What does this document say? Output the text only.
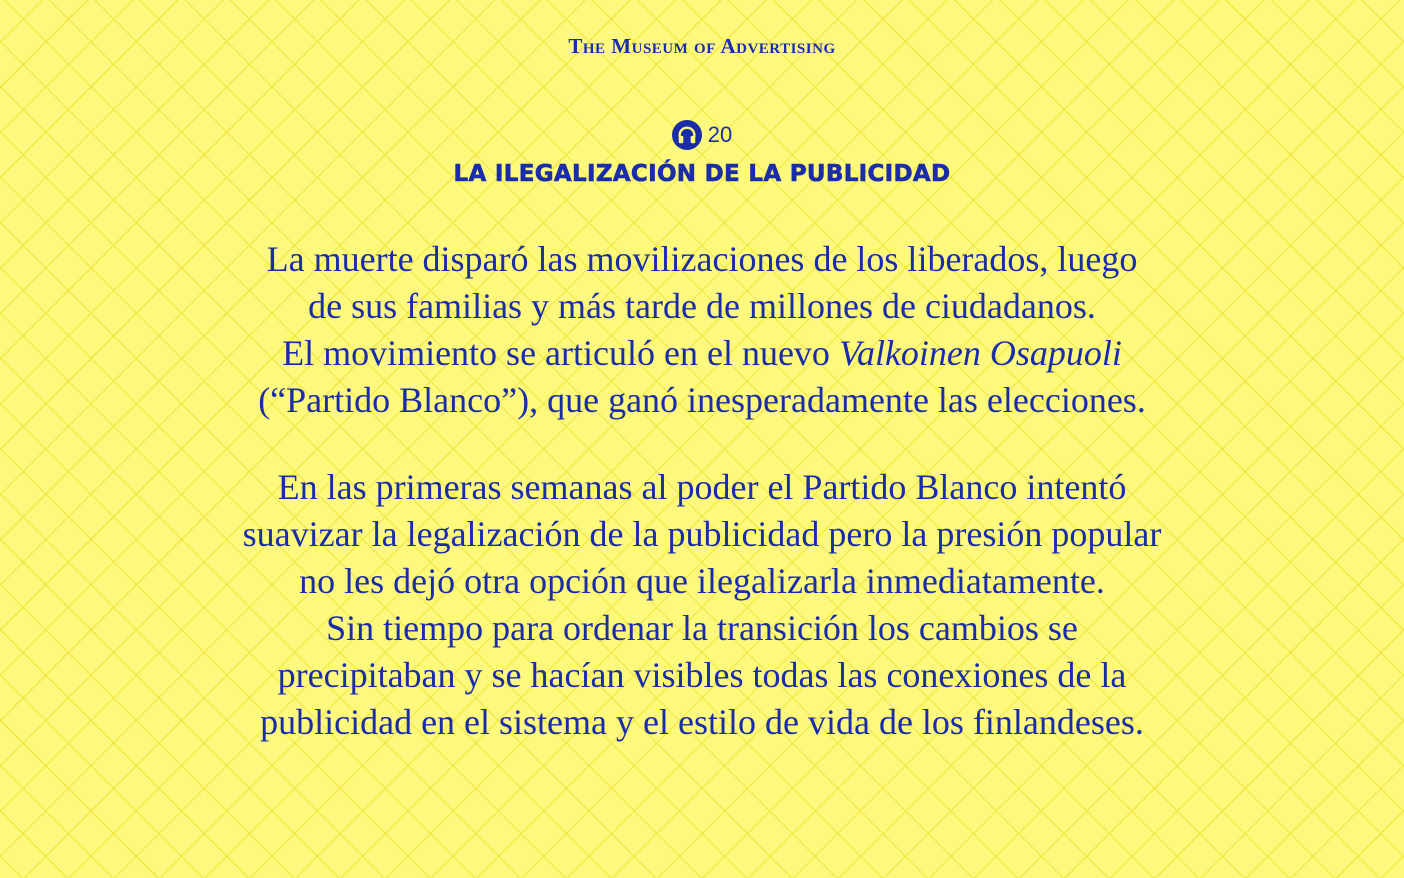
The Museum of Advertising
20
LA ILEGALIZACIÓN DE LA PUBLICIDAD
La muerte disparó las movilizaciones de los liberados, luego
de sus familias y más tarde de millones de ciudadanos.
El movimiento se articuló en el nuevo Valkoinen Osapuoli
(“Partido Blanco”), que ganó inesperadamente las elecciones.
En las primeras semanas al poder el Partido Blanco intentó
suavizar la legalización de la publicidad pero la presión popular
no les dejó otra opción que ilegalizarla inmediatamente.
Sin tiempo para ordenar la transición los cambios se
precipitaban y se hacían visibles todas las conexiones de la
publicidad en el sistema y el estilo de vida de los finlandeses.
